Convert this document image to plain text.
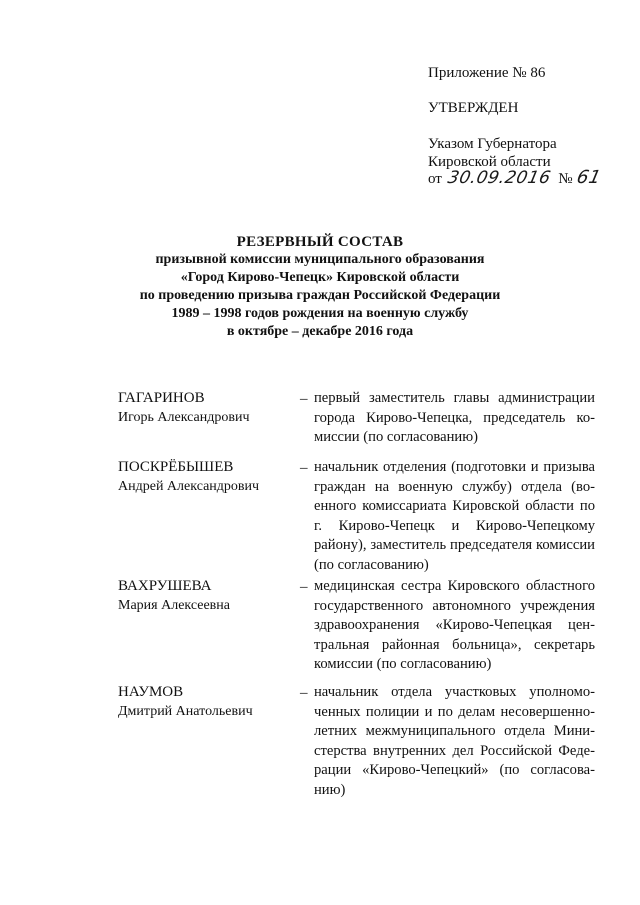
Приложение № 86
УТВЕРЖДЕН
Указом Губернатора
Кировской области
от 30.09.2016 №61
РЕЗЕРВНЫЙ СОСТАВ
призывной комиссии муниципального образования
«Город Кирово-Чепецк» Кировской области
по проведению призыва граждан Российской Федерации
1989 – 1998 годов рождения на военную службу
в октябре – декабре 2016 года
ГАГАРИНОВ
Игорь Александрович
– первый заместитель главы администрации города Кирово-Чепецка, председатель комиссии (по согласованию)
ПОСКРЁБЫШЕВ
Андрей Александрович
– начальник отделения (подготовки и призыва граждан на военную службу) отдела (военного комиссариата Кировской области по г. Кирово-Чепецк и Кирово-Чепецкому району), заместитель председателя комиссии (по согласованию)
ВАХРУШЕВА
Мария Алексеевна
– медицинская сестра Кировского областного государственного автономного учреждения здравоохранения «Кирово-Чепецкая центральная районная больница», секретарь комиссии (по согласованию)
НАУМОВ
Дмитрий Анатольевич
– начальник отдела участковых уполномоченных полиции и по делам несовершеннолетних межмуниципального отдела Министерства внутренних дел Российской Федерации «Кирово-Чепецкий» (по согласованию)
